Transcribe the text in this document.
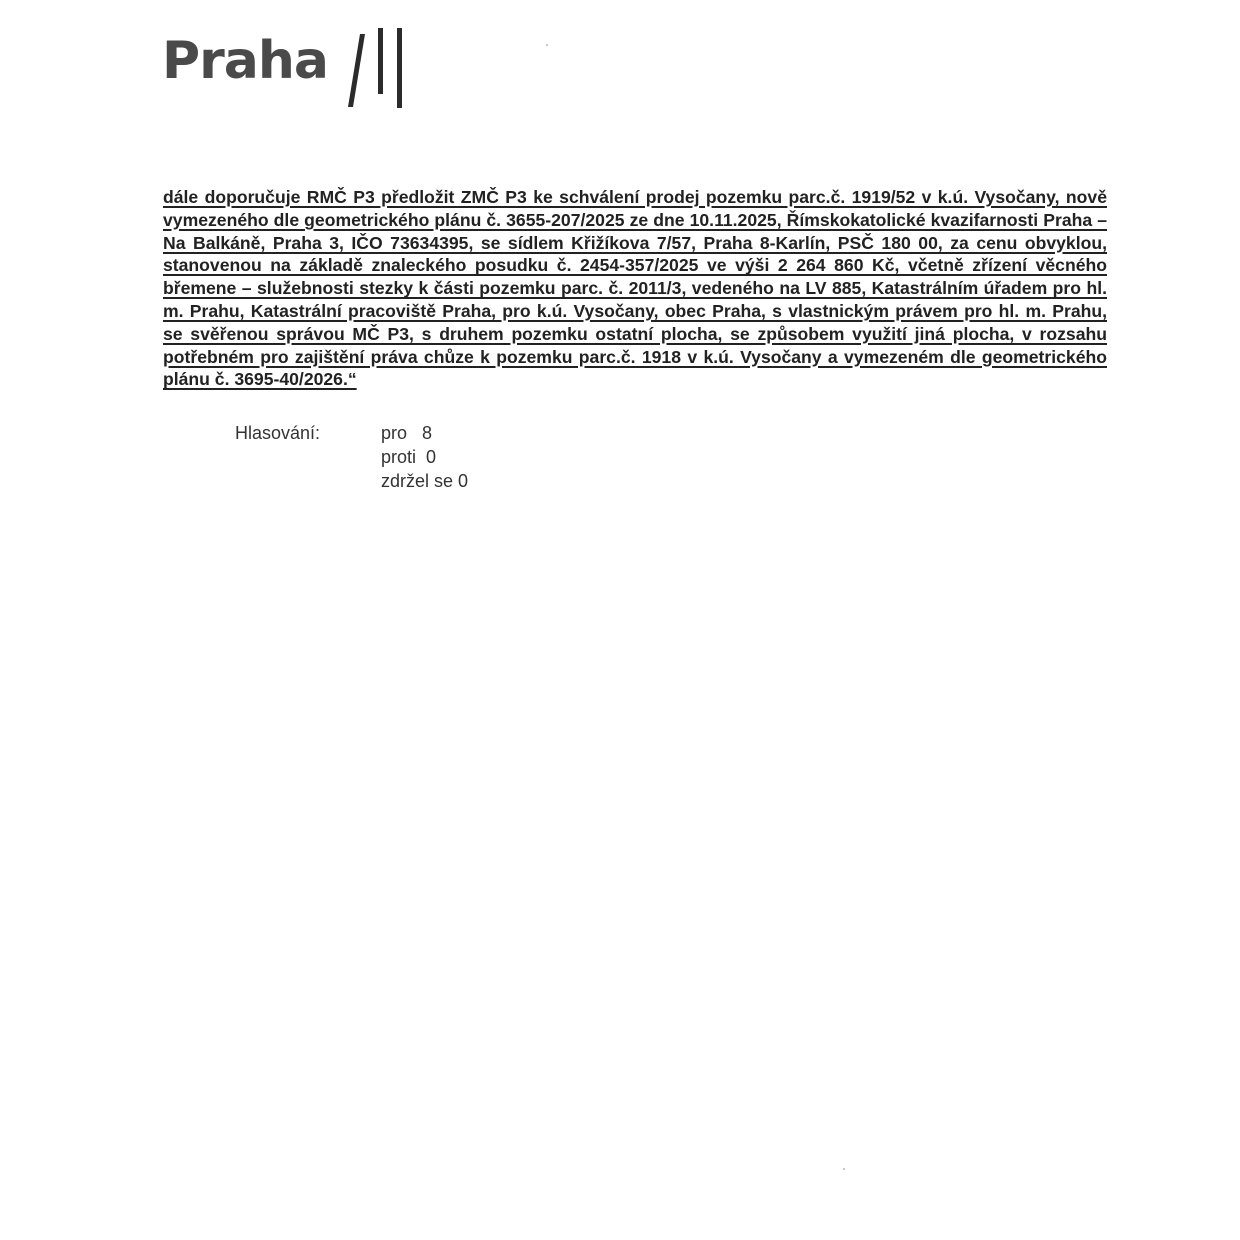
Praha

dále doporučuje RMČ P3 předložit ZMČ P3 ke schválení prodej pozemku parc.č. 1919/52 v k.ú. Vysočany, nově vymezeného dle geometrického plánu č. 3655-207/2025 ze dne 10.11.2025, Římskokatolické kvazifarnosti Praha – Na Balkáně, Praha 3, IČO 73634395, se sídlem Křižíkova 7/57, Praha 8-Karlín, PSČ 180 00, za cenu obvyklou, stanovenou na základě znaleckého posudku č. 2454-357/2025 ve výši 2 264 860 Kč, včetně zřízení věcného břemene – služebnosti stezky k části pozemku parc. č. 2011/3, vedeného na LV 885, Katastrálním úřadem pro hl. m. Prahu, Katastrální pracoviště Praha, pro k.ú. Vysočany, obec Praha, s vlastnickým právem pro hl. m. Prahu, se svěřenou správou MČ P3, s druhem pozemku ostatní plocha, se způsobem využití jiná plocha, v rozsahu potřebném pro zajištění práva chůze k pozemku parc.č. 1918 v k.ú. Vysočany a vymezeném dle geometrického plánu č. 3695-40/2026.“

Hlasování:	pro   8
proti  0
zdržel se 0
